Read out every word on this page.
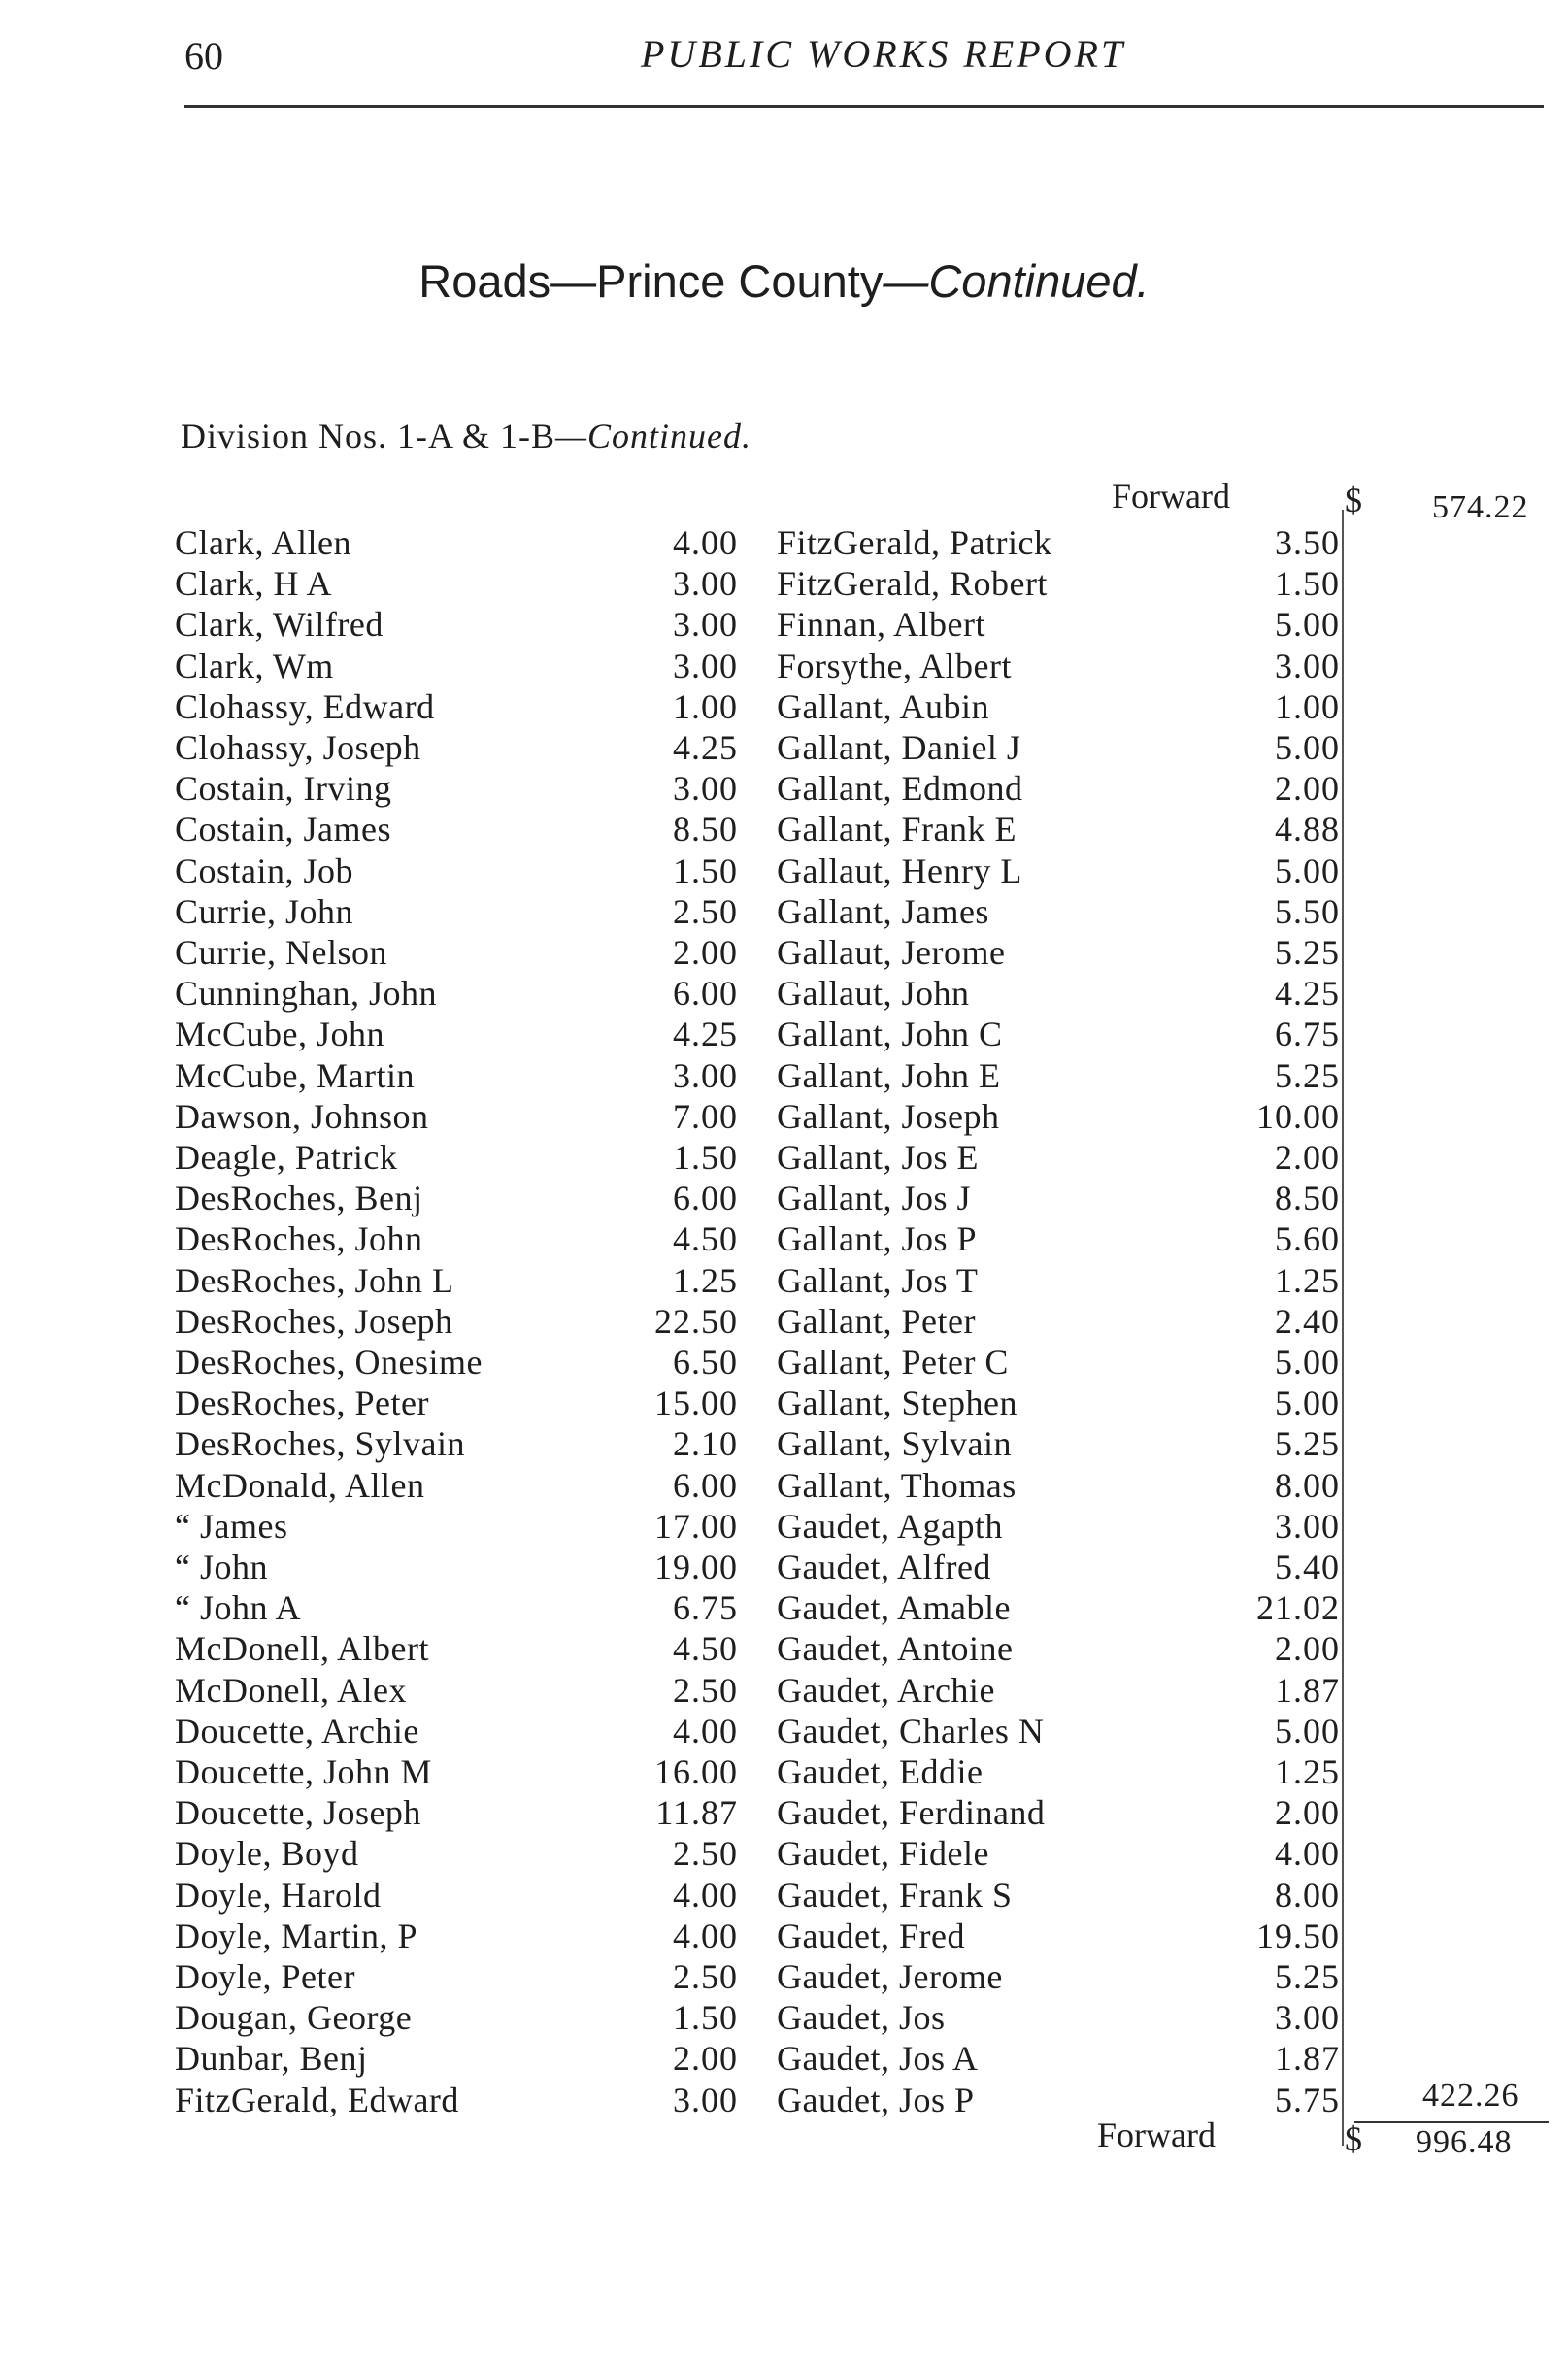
60	PUBLIC WORKS REPORT
Roads—Prince County—Continued.
Division Nos. 1-A & 1-B—Continued.
Forward	$ 574.22
Clark, Allen	4.00
Clark, H A	3.00
Clark, Wilfred	3.00
Clark, Wm	3.00
Clohassy, Edward	1.00
Clohassy, Joseph	4.25
Costain, Irving	3.00
Costain, James	8.50
Costain, Job	1.50
Currie, John	2.50
Currie, Nelson	2.00
Cunninghan, John	6.00
McCube, John	4.25
McCube, Martin	3.00
Dawson, Johnson	7.00
Deagle, Patrick	1.50
DesRoches, Benj	6.00
DesRoches, John	4.50
DesRoches, John L	1.25
DesRoches, Joseph	22.50
DesRoches, Onesime	6.50
DesRoches, Peter	15.00
DesRoches, Sylvain	2.10
McDonald, Allen	6.00
“ James	17.00
“ John	19.00
“ John A	6.75
McDonell, Albert	4.50
McDonell, Alex	2.50
Doucette, Archie	4.00
Doucette, John M	16.00
Doucette, Joseph	11.87
Doyle, Boyd	2.50
Doyle, Harold	4.00
Doyle, Martin, P	4.00
Doyle, Peter	2.50
Dougan, George	1.50
Dunbar, Benj	2.00
FitzGerald, Edward	3.00
FitzGerald, Patrick	3.50
FitzGerald, Robert	1.50
Finnan, Albert	5.00
Forsythe, Albert	3.00
Gallant, Aubin	1.00
Gallant, Daniel J	5.00
Gallant, Edmond	2.00
Gallant, Frank E	4.88
Gallaut, Henry L	5.00
Gallant, James	5.50
Gallaut, Jerome	5.25
Gallaut, John	4.25
Gallant, John C	6.75
Gallant, John E	5.25
Gallant, Joseph	10.00
Gallant, Jos E	2.00
Gallant, Jos J	8.50
Gallant, Jos P	5.60
Gallant, Jos T	1.25
Gallant, Peter	2.40
Gallant, Peter C	5.00
Gallant, Stephen	5.00
Gallant, Sylvain	5.25
Gallant, Thomas	8.00
Gaudet, Agapth	3.00
Gaudet, Alfred	5.40
Gaudet, Amable	21.02
Gaudet, Antoine	2.00
Gaudet, Archie	1.87
Gaudet, Charles N	5.00
Gaudet, Eddie	1.25
Gaudet, Ferdinand	2.00
Gaudet, Fidele	4.00
Gaudet, Frank S	8.00
Gaudet, Fred	19.50
Gaudet, Jerome	5.25
Gaudet, Jos	3.00
Gaudet, Jos A	1.87
Gaudet, Jos P	5.75	422.26
Forward	$ 996.48
